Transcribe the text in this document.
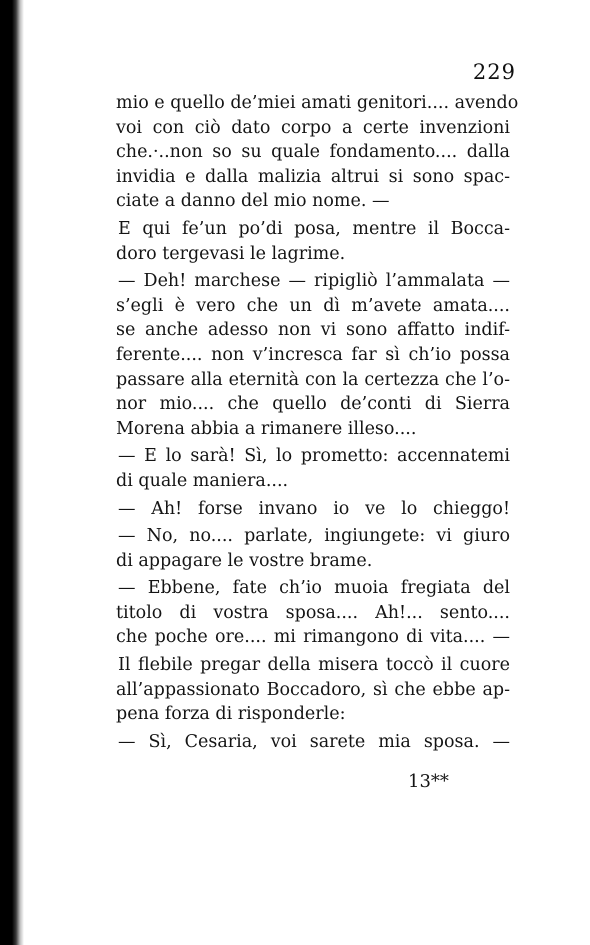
229
mio e quello de’miei amati genitori.... avendo
voi con ciò dato corpo a certe invenzioni
che.·..non so su quale fondamento.... dalla
invidia e dalla malizia altrui si sono spac-
ciate a danno del mio nome. —
E qui fe’un po’di posa, mentre il Bocca-
doro tergevasi le lagrime.
— Deh! marchese — ripigliò l’ammalata —
s’egli è vero che un dì m’avete amata....
se anche adesso non vi sono affatto indif-
ferente.... non v’incresca far sì ch’io possa
passare alla eternità con la certezza che l’o-
nor mio.... che quello de’conti di Sierra
Morena abbia a rimanere illeso....
— E lo sarà! Sì, lo prometto: accennatemi
di quale maniera....
— Ah! forse invano io ve lo chieggo!
— No, no.... parlate, ingiungete: vi giuro
di appagare le vostre brame.
— Ebbene, fate ch’io muoia fregiata del
titolo di vostra sposa.... Ah!... sento....
che poche ore.... mi rimangono di vita.... —
Il flebile pregar della misera toccò il cuore
all’appassionato Boccadoro, sì che ebbe ap-
pena forza di risponderle:
— Sì, Cesaria, voi sarete mia sposa. —
13**
